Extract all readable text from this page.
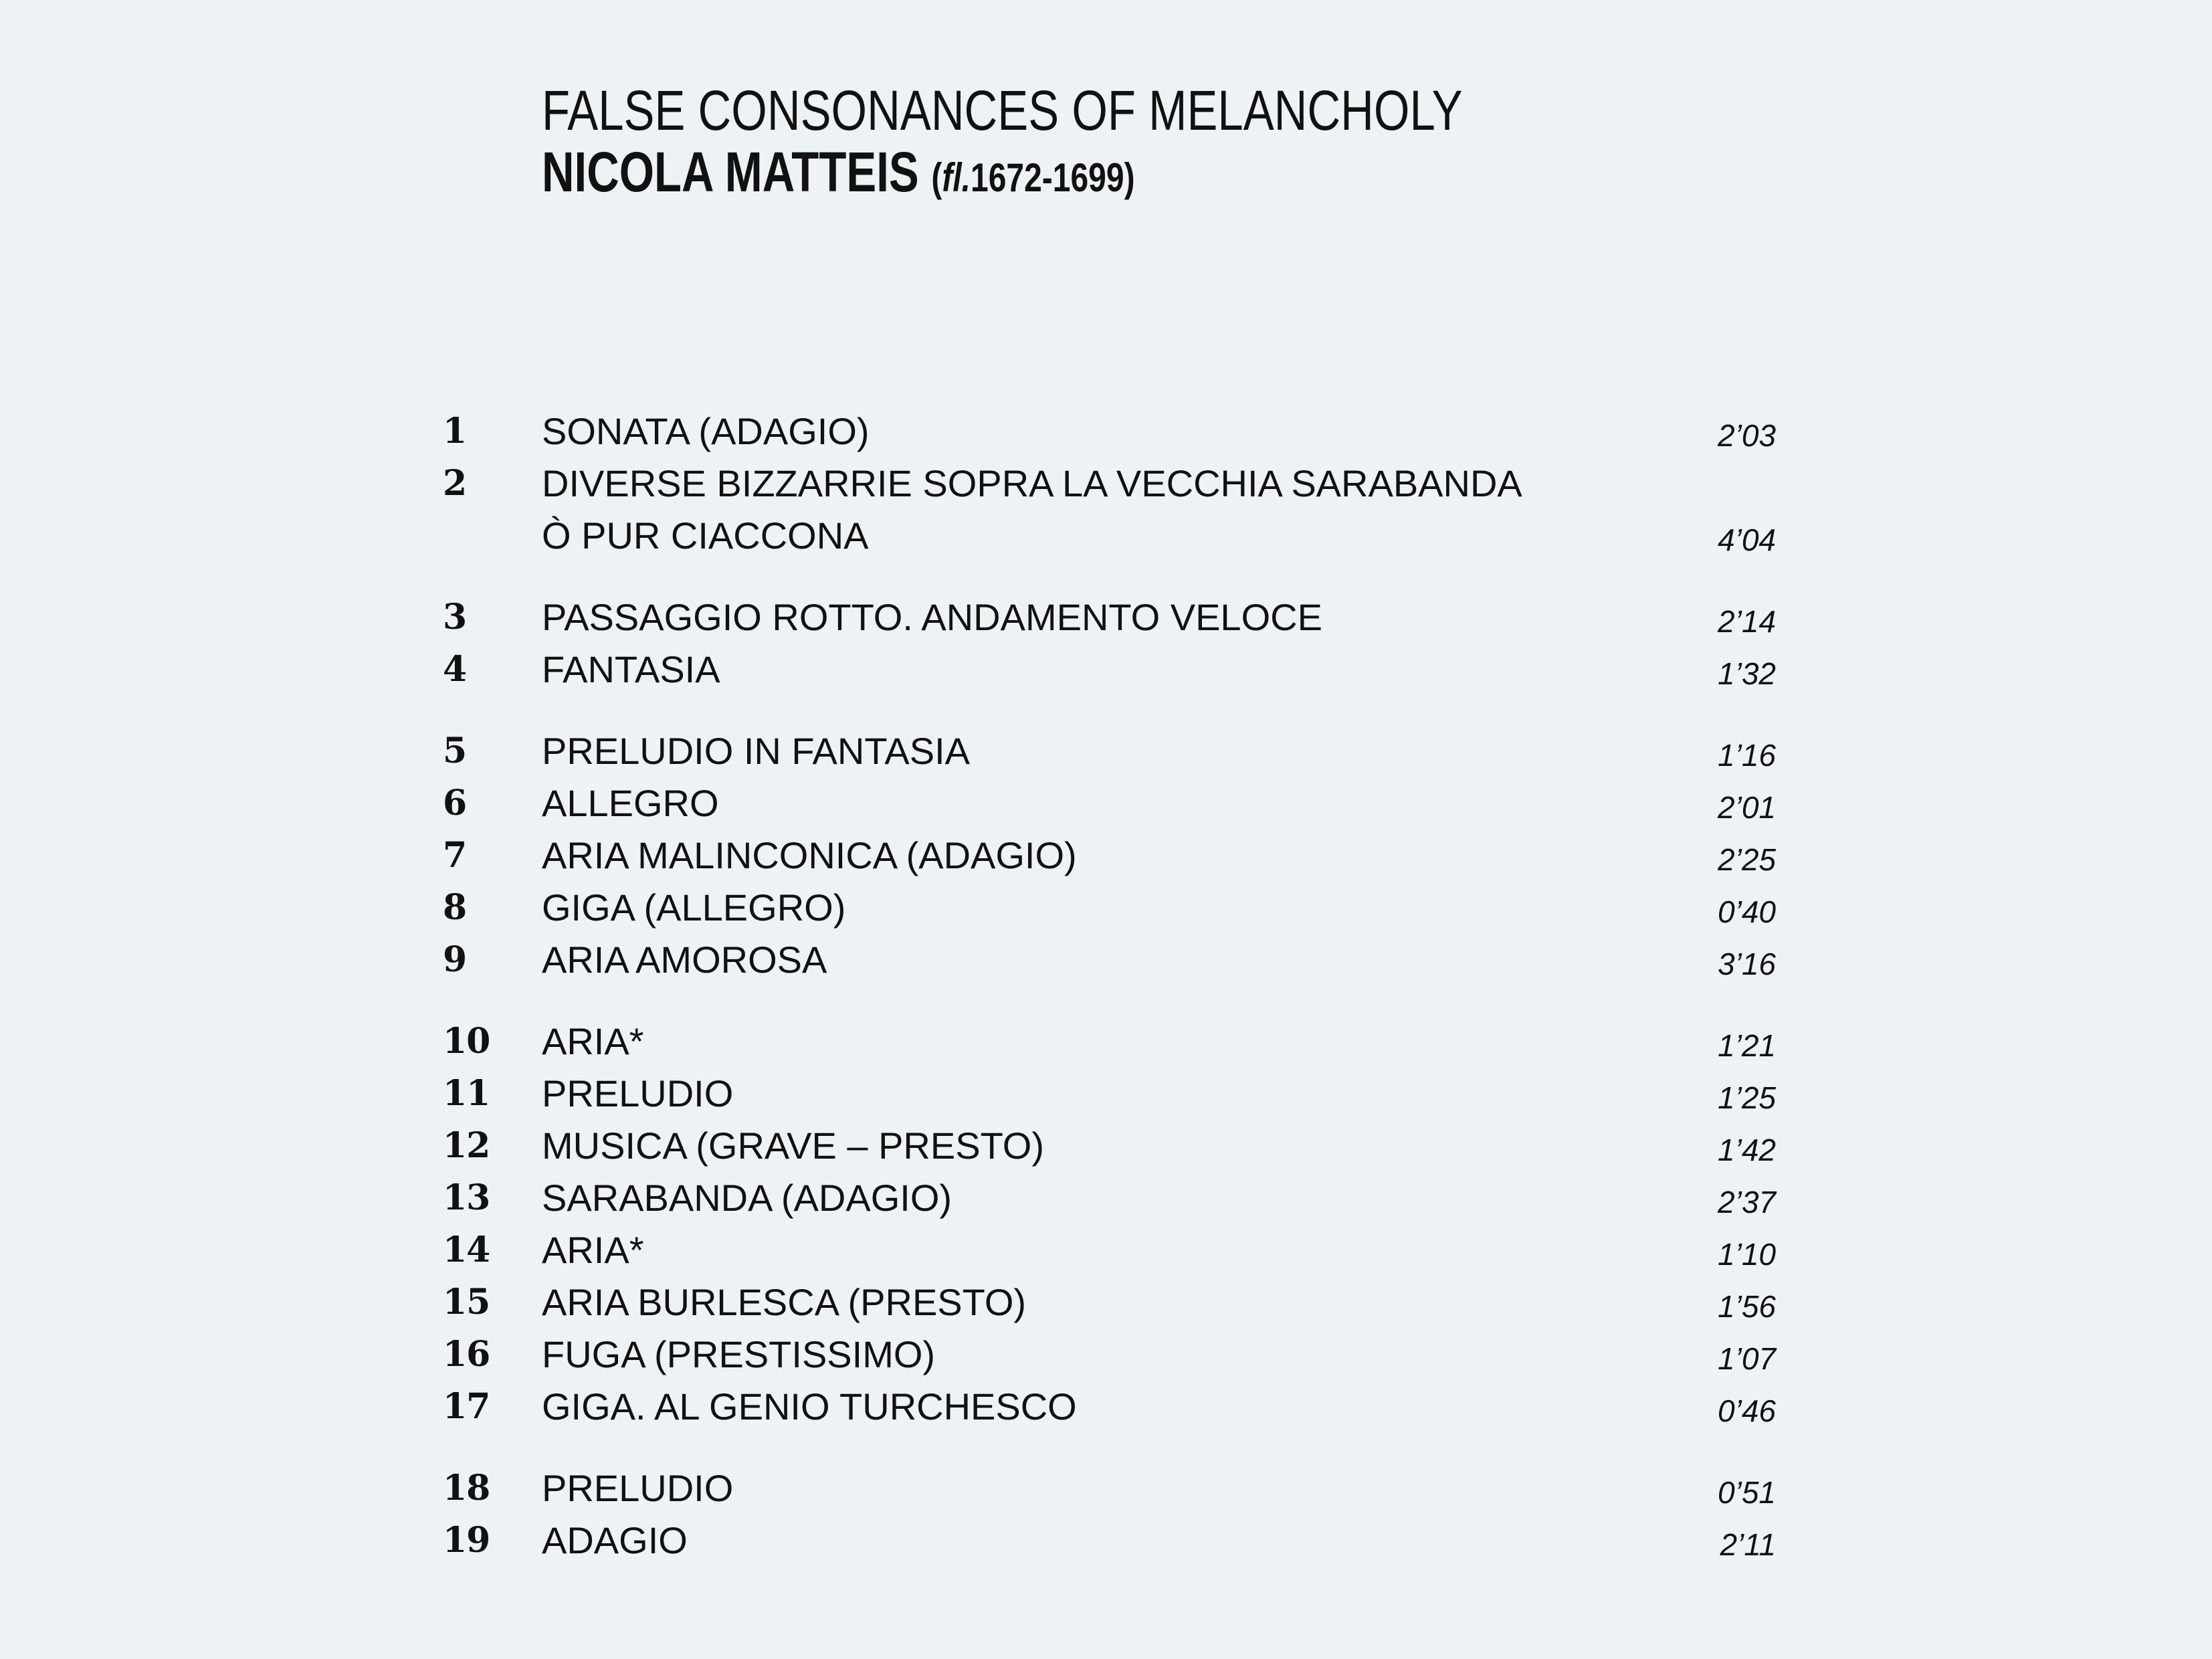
FALSE CONSONANCES OF MELANCHOLY
NICOLA MATTEIS (fl.1672-1699)
1 SONATA (ADAGIO)	2’03
2 DIVERSE BIZZARRIE SOPRA LA VECCHIA SARABANDA
Ò PUR CIACCONA	4’04
3 PASSAGGIO ROTTO. ANDAMENTO VELOCE	2’14
4 FANTASIA	1’32
5 PRELUDIO IN FANTASIA	1’16
6 ALLEGRO	2’01
7 ARIA MALINCONICA (ADAGIO)	2’25
8 GIGA (ALLEGRO)	0’40
9 ARIA AMOROSA	3’16
10 ARIA*	1’21
11 PRELUDIO	1’25
12 MUSICA (GRAVE – PRESTO)	1’42
13 SARABANDA (ADAGIO)	2’37
14 ARIA*	1’10
15 ARIA BURLESCA (PRESTO)	1’56
16 FUGA (PRESTISSIMO)	1’07
17 GIGA. AL GENIO TURCHESCO	0’46
18 PRELUDIO	0’51
19 ADAGIO	2’11
